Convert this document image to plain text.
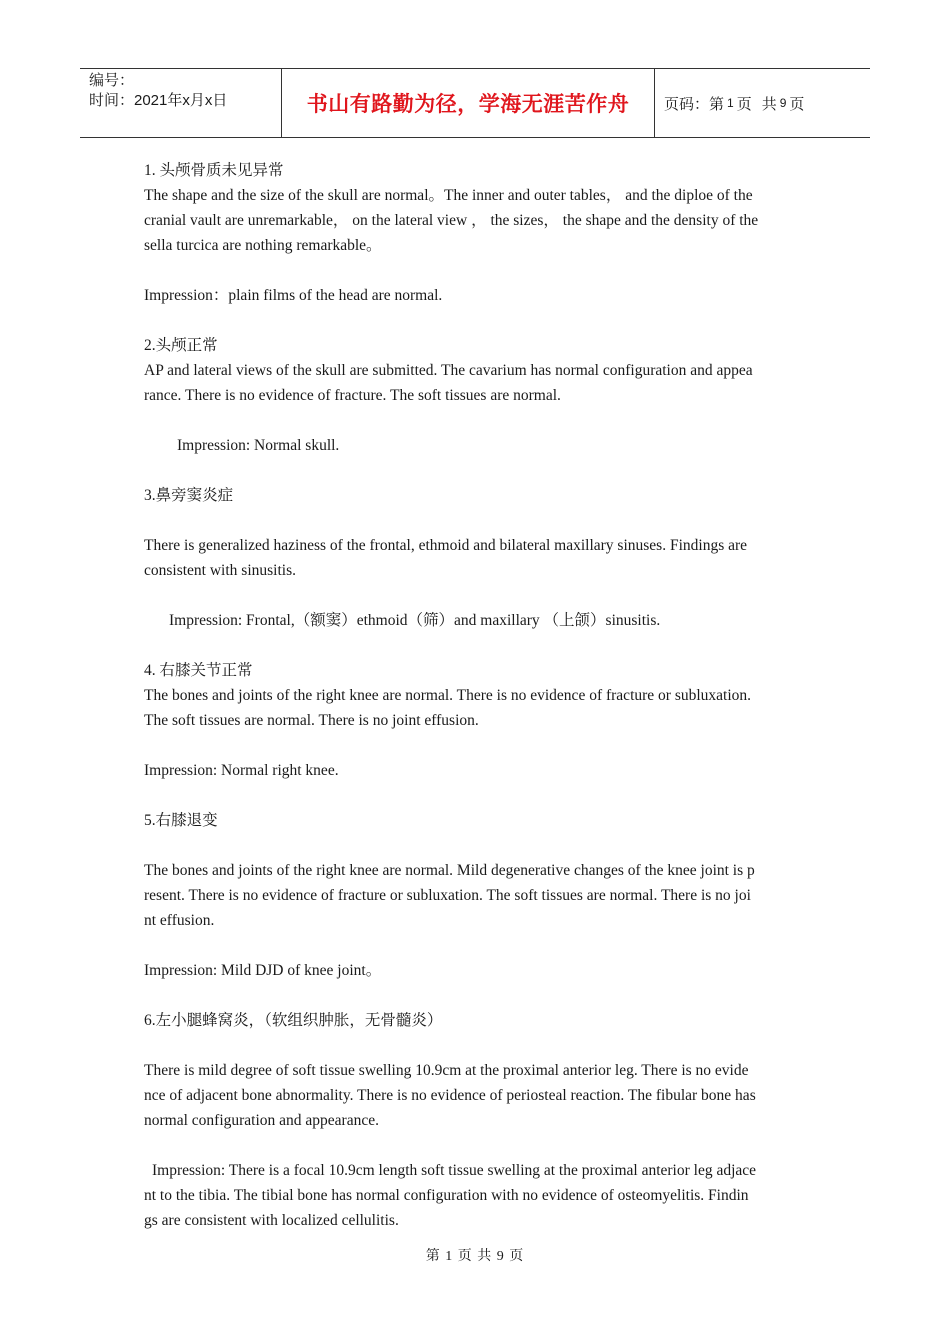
编号：
时间：2021年x月x日	书山有路勤为径，学海无涯苦作舟	页码：第 1 页 共 9 页

1. 头颅骨质未见异常

The shape and the size of the skull are normal。The inner and outer tables， and the diploe of the

cranial vault are unremarkable， on the lateral view ， the sizes， the shape and the density of the

sella turcica are nothing remarkable。

Impression：plain films of the head are normal.

2.头颅正常

AP and lateral views of the skull are submitted. The cavarium has normal configuration and appea

rance. There is no evidence of fracture. The soft tissues are normal.

Impression: Normal skull.

3.鼻旁窦炎症

There is generalized haziness of the frontal, ethmoid and bilateral maxillary sinuses. Findings are

consistent with sinusitis.

Impression: Frontal,（额窦）ethmoid（筛）and maxillary （上颌）sinusitis.

4. 右膝关节正常

The bones and joints of the right knee are normal. There is no evidence of fracture or subluxation.

The soft tissues are normal. There is no joint effusion.

Impression: Normal right knee.

5.右膝退变

The bones and joints of the right knee are normal. Mild degenerative changes of the knee joint is p

resent. There is no evidence of fracture or subluxation. The soft tissues are normal. There is no joi

nt effusion.

Impression: Mild DJD of knee joint。

6.左小腿蜂窝炎，（软组织肿胀，无骨髓炎）

There is mild degree of soft tissue swelling 10.9cm at the proximal anterior leg. There is no evide

nce of adjacent bone abnormality. There is no evidence of periosteal reaction. The fibular bone has

normal configuration and appearance.

Impression: There is a focal 10.9cm length soft tissue swelling at the proximal anterior leg adjace

nt to the tibia. The tibial bone has normal configuration with no evidence of osteomyelitis. Findin

gs are consistent with localized cellulitis.

第 1 页 共 9 页
